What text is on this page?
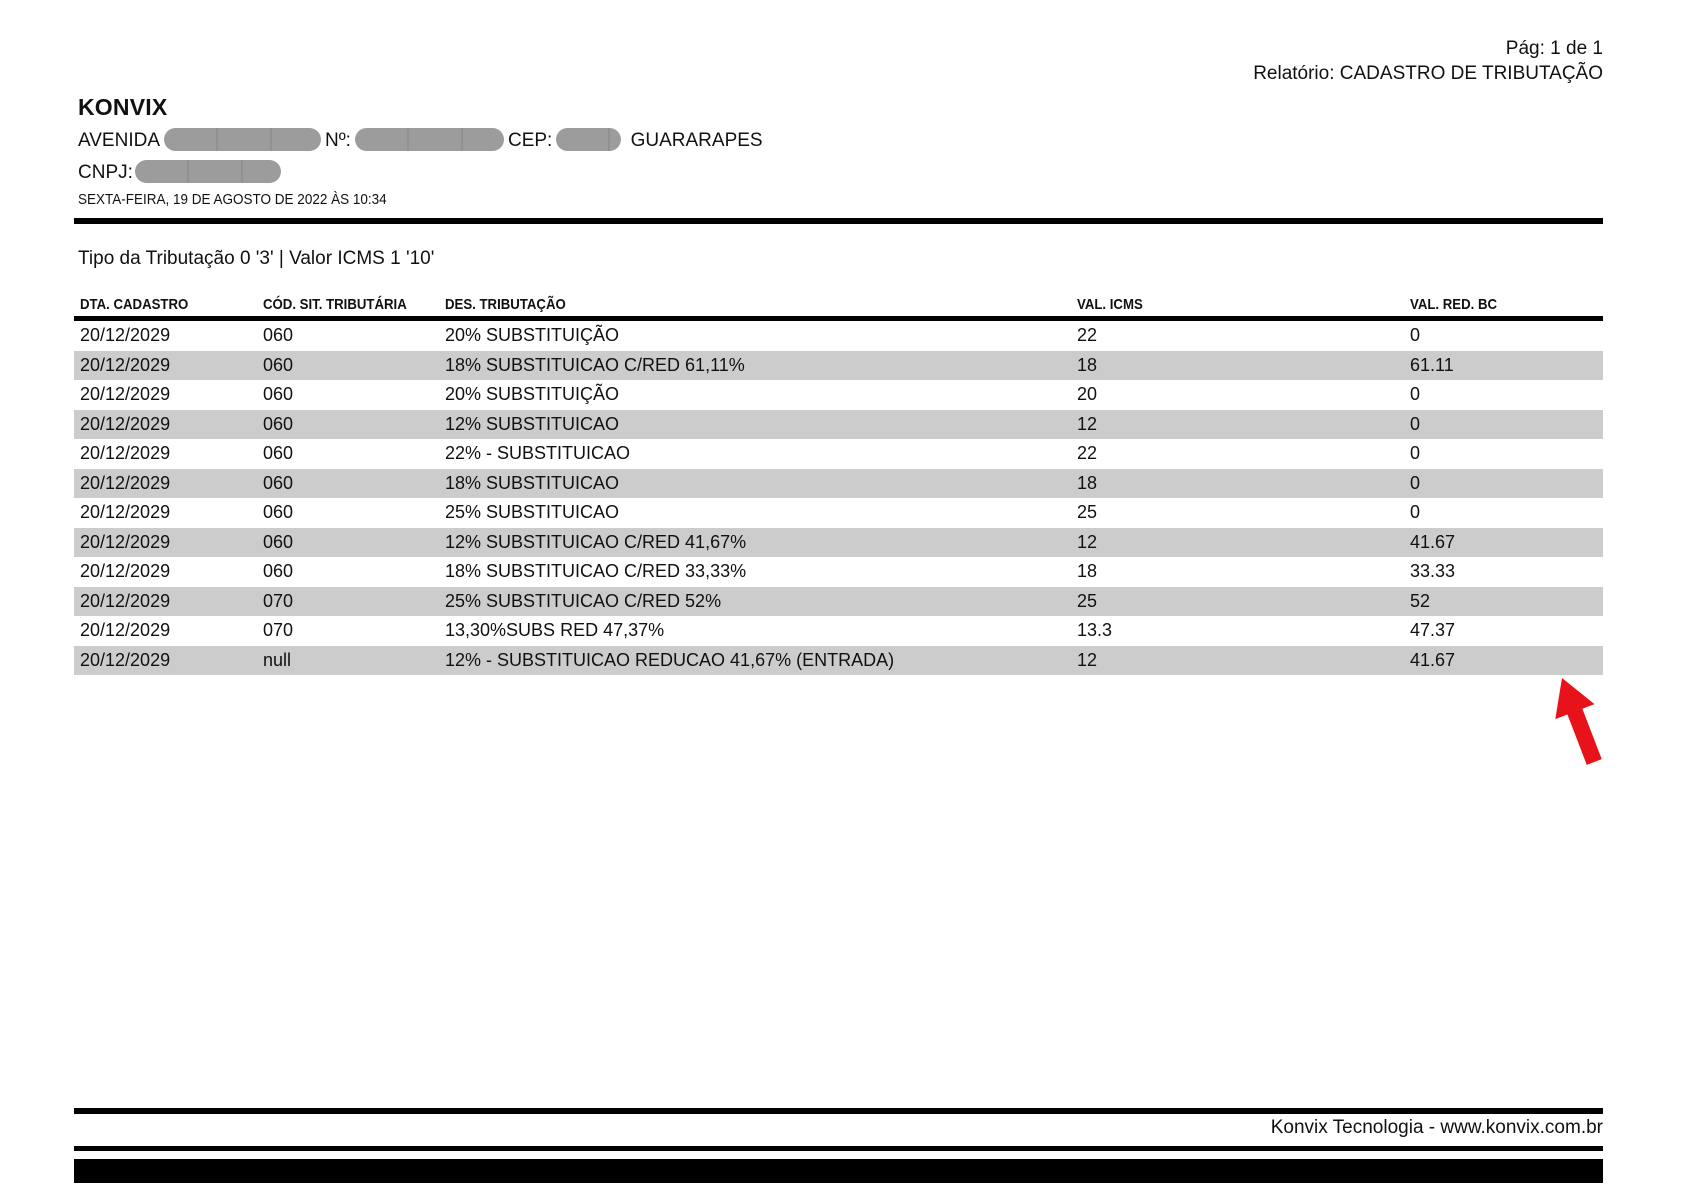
Pág: 1 de 1
Relatório: CADASTRO DE TRIBUTAÇÃO
KONVIX
AVENIDA	Nº:	CEP:	GUARARAPES
CNPJ:
SEXTA-FEIRA, 19 DE AGOSTO DE 2022 ÀS 10:34
Tipo da Tributação 0 '3' | Valor ICMS 1 '10'
DTA. CADASTRO	CÓD. SIT. TRIBUTÁRIA	DES. TRIBUTAÇÃO	VAL. ICMS	VAL. RED. BC
20/12/2029	060	20% SUBSTITUIÇÃO	22	0
20/12/2029	060	18% SUBSTITUICAO C/RED 61,11%	18	61.11
20/12/2029	060	20% SUBSTITUIÇÃO	20	0
20/12/2029	060	12% SUBSTITUICAO	12	0
20/12/2029	060	22% - SUBSTITUICAO	22	0
20/12/2029	060	18% SUBSTITUICAO	18	0
20/12/2029	060	25% SUBSTITUICAO	25	0
20/12/2029	060	12% SUBSTITUICAO C/RED 41,67%	12	41.67
20/12/2029	060	18% SUBSTITUICAO C/RED 33,33%	18	33.33
20/12/2029	070	25% SUBSTITUICAO C/RED 52%	25	52
20/12/2029	070	13,30%SUBS RED 47,37%	13.3	47.37
20/12/2029	null	12% - SUBSTITUICAO REDUCAO 41,67% (ENTRADA)	12	41.67
Konvix Tecnologia - www.konvix.com.br
